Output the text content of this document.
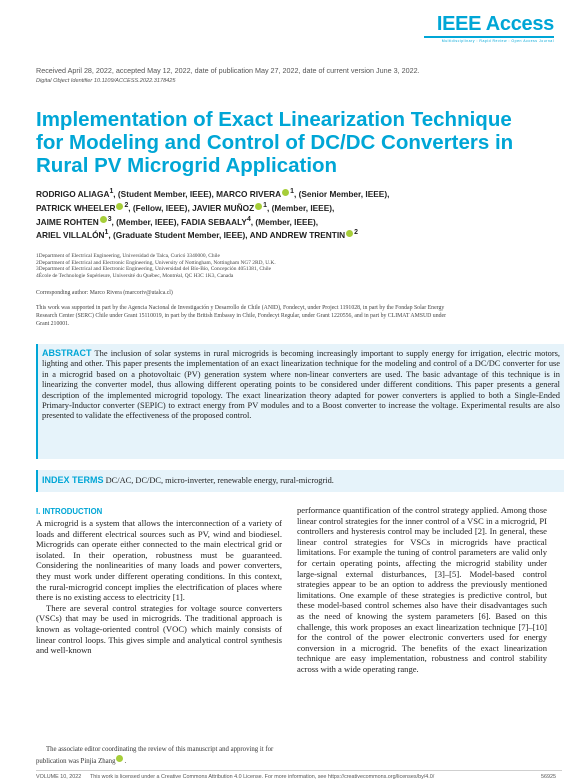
IEEE Access
Multidisciplinary : Rapid Review : Open Access Journal
Received April 28, 2022, accepted May 12, 2022, date of publication May 27, 2022, date of current version June 3, 2022.
Digital Object Identifier 10.1109/ACCESS.2022.3178425
Implementation of Exact Linearization Technique for Modeling and Control of DC/DC Converters in Rural PV Microgrid Application

RODRIGO ALIAGA$^1$, (Student Member, IEEE), MARCO RIVERA $^1$, (Senior Member, IEEE),
PATRICK WHEELER $^2$, (Fellow, IEEE), JAVIER MUÑOZ $^1$, (Member, IEEE),
JAIME ROHTEN $^3$, (Member, IEEE), FADIA SEBAALY$^4$, (Member, IEEE),
ARIEL VILLALÓN$^1$, (Graduate Student Member, IEEE), AND ANDREW TRENTIN $^2$

1Department of Electrical Engineering, Universidad de Talca, Curicó 3340000, Chile
2Department of Electrical and Electronic Engineering, University of Nottingham, Nottingham NG7 2RD, U.K.
3Department of Electrical and Electronic Engineering, Universidad del Bío-Bío, Concepción 4051381, Chile
4École de Technologie Supérieure, Université du Québec, Montréal, QC H3C 1K3, Canada
Corresponding author: Marco Rivera (marcoriv@utalca.cl)

This work was supported in part by the Agencia Nacional de Investigación y Desarrollo de Chile (ANID), Fondecyt, under Project 1191028, in part by the Fondap Solar Energy Research Center (SERC) Chile under Grant 15110019, in part by the British Embassy in Chile, Fondecyt Regular, under Grant 1220556, and in part by CLIMAT AMSUD under Grant 210001.

ABSTRACT The inclusion of solar systems in rural microgrids is becoming increasingly important to supply energy for irrigation, electric motors, lighting and other. This paper presents the implementation of an exact linearization technique for the modeling and control of a DC/DC converter for use in a microgrid based on a photovoltaic (PV) generation system where non-linear converters are used. The basic advantage of this technique is in linearizing the converter model, thus allowing different operating points to be considered under different conditions. This paper presents a general description of the implemented microgrid topology. The exact linearization theory adapted for power converters is applied to both a Single-Ended Primary-Inductor converter (SEPIC) to extract energy from PV modules and to a Boost converter to increase the voltage. Experimental results are also presented to validate the effectiveness of the proposed control.

INDEX TERMS DC/AC, DC/DC, micro-inverter, renewable energy, rural-microgrid.

I. INTRODUCTION

A microgrid is a system that allows the interconnection of a variety of loads and different electrical sources such as PV, wind and biodiesel. Microgrids can operate either connected to the main electrical grid or isolated. In their operation, robustness must be guaranteed. Considering the nonlinearities of many loads and power converters, they must work under different operating conditions. In this context, the rural-microgrid concept implies the electrification of places where there is no existing access to electricity [1].

There are several control strategies for voltage source converters (VSCs) that may be used in microgrids. The traditional approach is known as voltage-oriented control (VOC) which mainly consists of linear control loops. This gives simple and analytical control synthesis and well-known

performance quantification of the control strategy applied. Among those linear control strategies for the inner control of a VSC in a microgrid, PI controllers and hysteresis control may be included [2]. In general, these linear control strategies for VSCs in microgrids have practical limitations. For example the tuning of control parameters are valid only for certain operating points, affecting the microgrid stability under large-signal external disturbances, [3]–[5]. Model-based control strategies appear to be an option to address the previously mentioned limitations. One example of these strategies is predictive control, but these model-based control schemes also have their disadvantages such as the need of knowing the system parameters [6]. Based on this challenge, this work proposes an exact linearization technique [7]–[10] for the control of the power electronic converters used for energy conversion in a microgrid. The benefits of the exact linearization technique are easy implementation, robustness and control stability across with a wide operating range.

The associate editor coordinating the review of this manuscript and approving it for publication was Pinjia Zhang .

VOLUME 10, 2022 This work is licensed under a Creative Commons Attribution 4.0 License. For more information, see https://creativecommons.org/licenses/by/4.0/	56925
